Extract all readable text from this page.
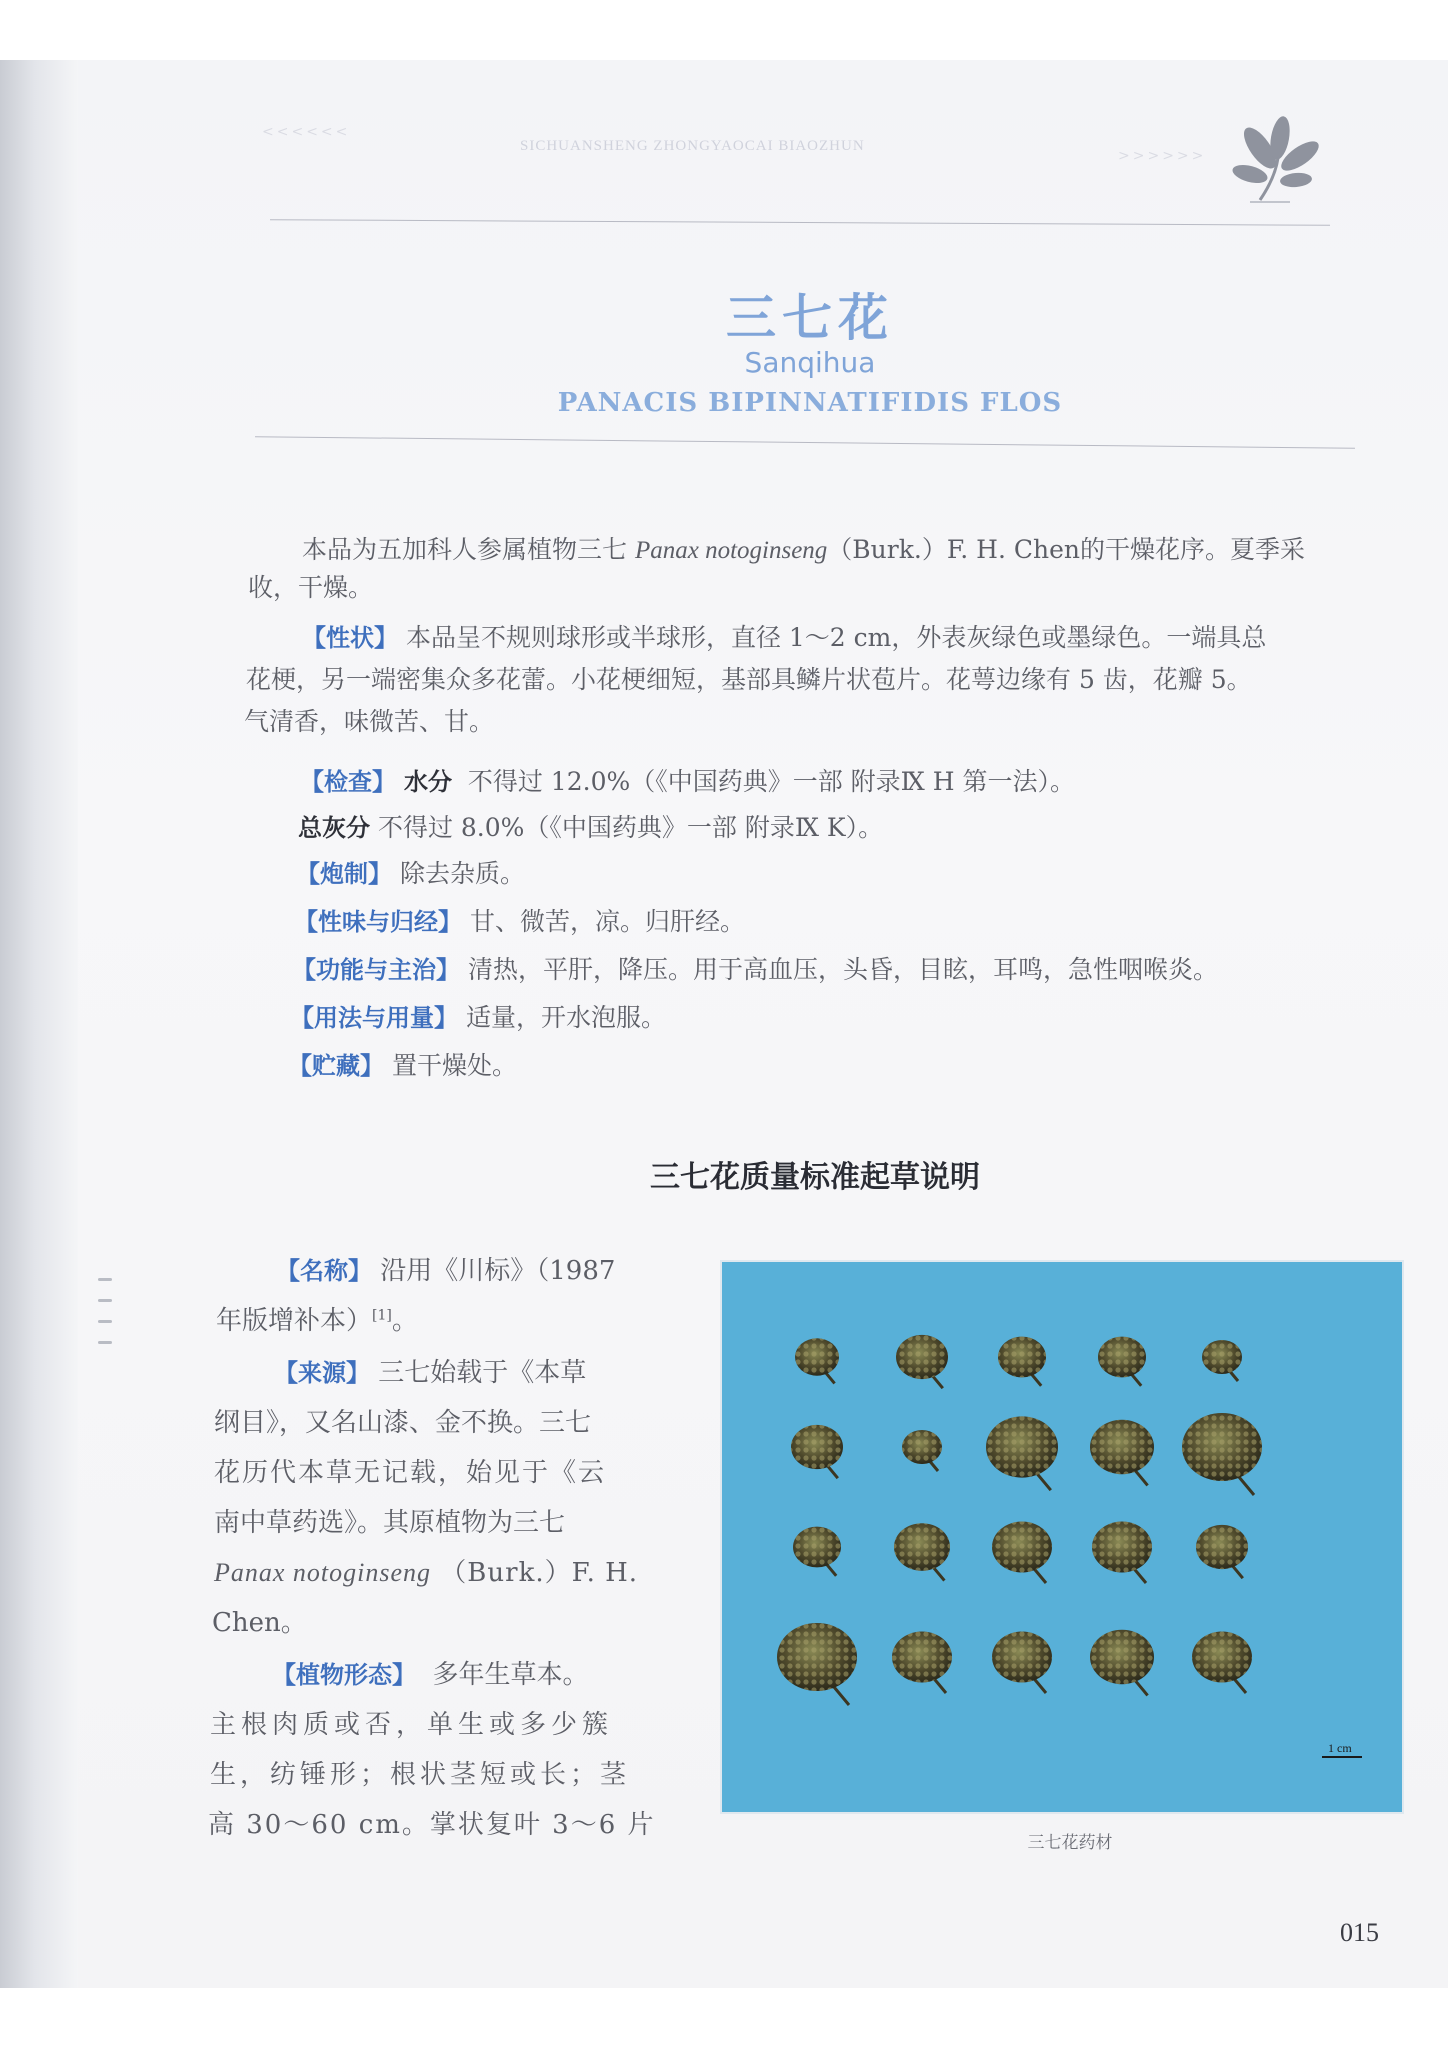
<<<<<<
SICHUANSHENG ZHONGYAOCAI BIAOZHUN
>>>>>>
三七花
Sanqihua
PANACIS BIPINNATIFIDIS FLOS
本品为五加科人参属植物三七 Panax notoginseng（Burk.）F. H. Chen的干燥花序。夏季采
收，干燥。
【性状】 本品呈不规则球形或半球形，直径 1～2 cm，外表灰绿色或墨绿色。一端具总
花梗，另一端密集众多花蕾。小花梗细短，基部具鳞片状苞片。花萼边缘有 5 齿，花瓣 5。
气清香，味微苦、甘。
【检查】 水分 不得过 12.0%（《中国药典》一部 附录Ⅸ H 第一法）。
总灰分 不得过 8.0%（《中国药典》一部 附录Ⅸ K）。
【炮制】 除去杂质。
【性味与归经】 甘、微苦，凉。归肝经。
【功能与主治】 清热，平肝，降压。用于高血压，头昏，目眩，耳鸣，急性咽喉炎。
【用法与用量】 适量，开水泡服。
【贮藏】 置干燥处。
三七花质量标准起草说明
【名称】 沿用《川标》（1987
年版增补本）[1]。
【来源】 三七始载于《本草
纲目》，又名山漆、金不换。三七
花历代本草无记载，始见于《云
南中草药选》。其原植物为三七
Panax notoginseng （Burk.）F. H.
Chen。
【植物形态】 多年生草本。
主根肉质或否，单生或多少簇
生，纺锤形；根状茎短或长；茎
高 30～60 cm。掌状复叶 3～6 片
1 cm
三七花药材
015
